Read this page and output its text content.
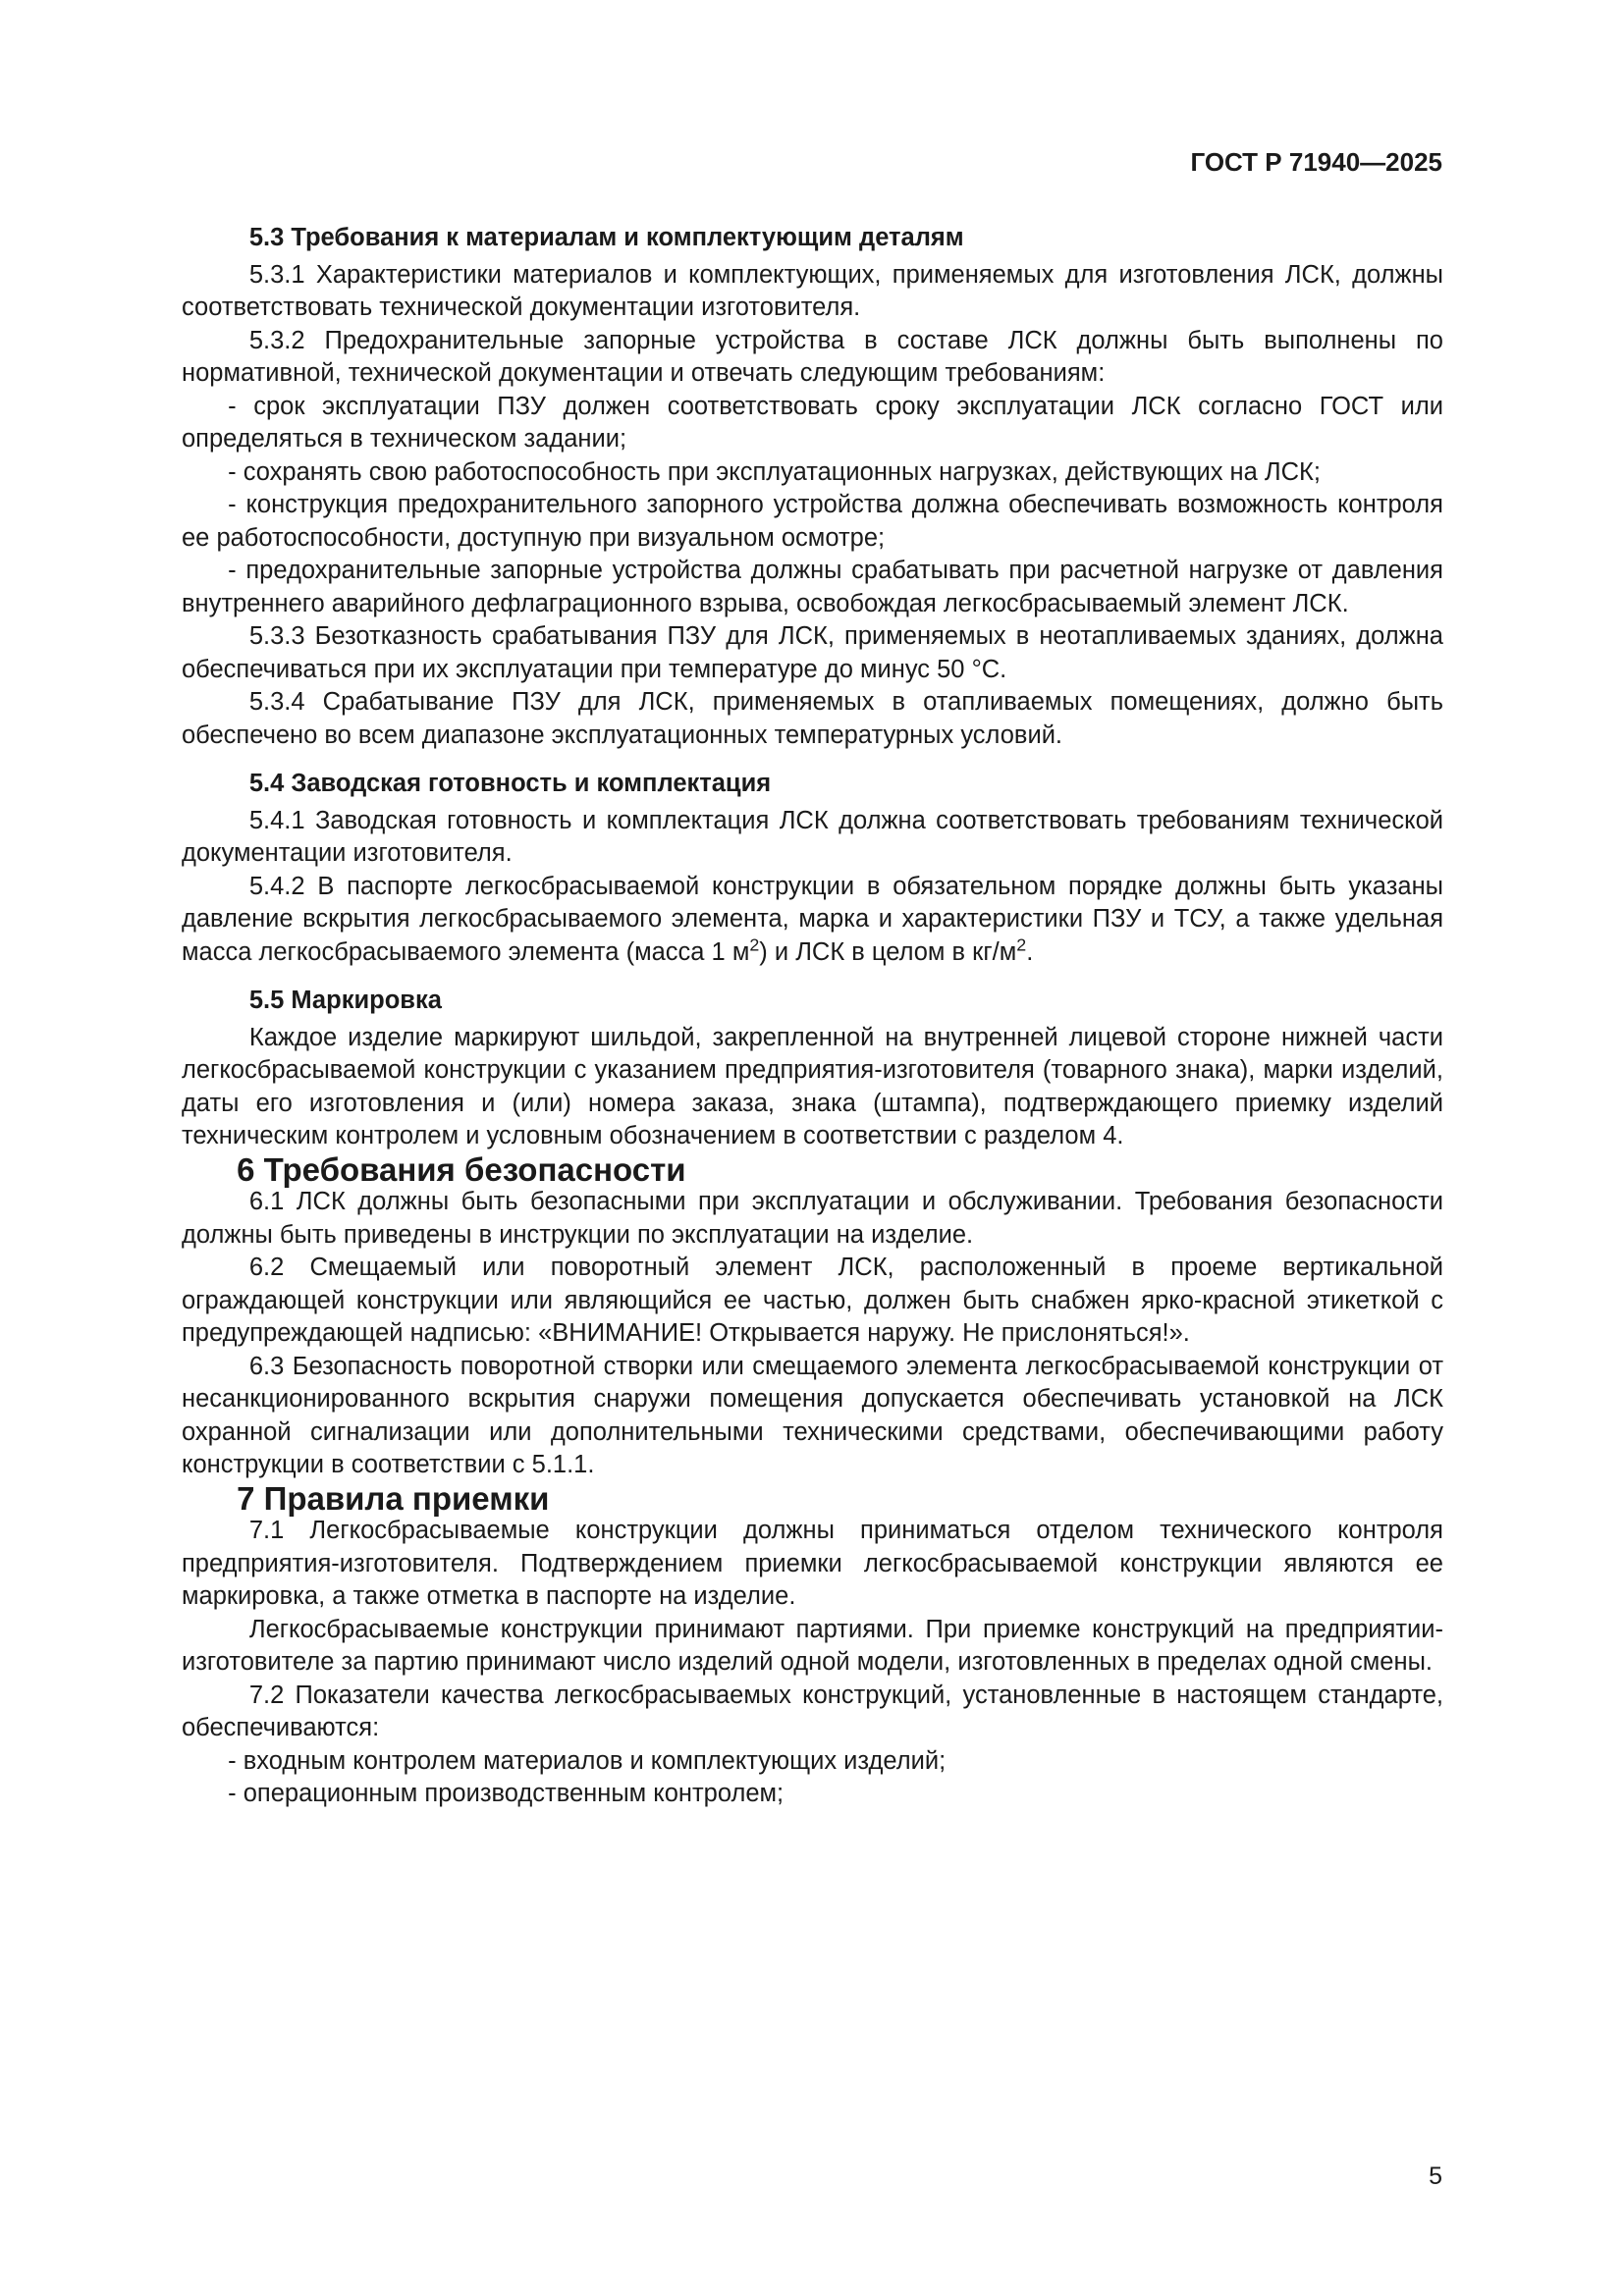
ГОСТ Р 71940—2025

5.3 Требования к материалам и комплектующим деталям

5.3.1 Характеристики материалов и комплектующих, применяемых для изготовления ЛСК, должны соответствовать технической документации изготовителя.

5.3.2 Предохранительные запорные устройства в составе ЛСК должны быть выполнены по нормативной, технической документации и отвечать следующим требованиям:

- срок эксплуатации ПЗУ должен соответствовать сроку эксплуатации ЛСК согласно ГОСТ или определяться в техническом задании;

- сохранять свою работоспособность при эксплуатационных нагрузках, действующих на ЛСК;

- конструкция предохранительного запорного устройства должна обеспечивать возможность контроля ее работоспособности, доступную при визуальном осмотре;

- предохранительные запорные устройства должны срабатывать при расчетной нагрузке от давления внутреннего аварийного дефлаграционного взрыва, освобождая легкосбрасываемый элемент ЛСК.

5.3.3 Безотказность срабатывания ПЗУ для ЛСК, применяемых в неотапливаемых зданиях, должна обеспечиваться при их эксплуатации при температуре до минус 50 °С.

5.3.4 Срабатывание ПЗУ для ЛСК, применяемых в отапливаемых помещениях, должно быть обеспечено во всем диапазоне эксплуатационных температурных условий.

5.4 Заводская готовность и комплектация

5.4.1 Заводская готовность и комплектация ЛСК должна соответствовать требованиям технической документации изготовителя.

5.4.2 В паспорте легкосбрасываемой конструкции в обязательном порядке должны быть указаны давление вскрытия легкосбрасываемого элемента, марка и характеристики ПЗУ и ТСУ, а также удельная масса легкосбрасываемого элемента (масса 1 $м^2$) и ЛСК в целом в $кг/м^2$.

5.5 Маркировка

Каждое изделие маркируют шильдой, закрепленной на внутренней лицевой стороне нижней части легкосбрасываемой конструкции с указанием предприятия-изготовителя (товарного знака), марки изделий, даты его изготовления и (или) номера заказа, знака (штампа), подтверждающего приемку изделий техническим контролем и условным обозначением в соответствии с разделом 4.

6 Требования безопасности

6.1 ЛСК должны быть безопасными при эксплуатации и обслуживании. Требования безопасности должны быть приведены в инструкции по эксплуатации на изделие.

6.2 Смещаемый или поворотный элемент ЛСК, расположенный в проеме вертикальной ограждающей конструкции или являющийся ее частью, должен быть снабжен ярко-красной этикеткой с предупреждающей надписью: «ВНИМАНИЕ! Открывается наружу. Не прислоняться!».

6.3 Безопасность поворотной створки или смещаемого элемента легкосбрасываемой конструкции от несанкционированного вскрытия снаружи помещения допускается обеспечивать установкой на ЛСК охранной сигнализации или дополнительными техническими средствами, обеспечивающими работу конструкции в соответствии с 5.1.1.

7 Правила приемки

7.1 Легкосбрасываемые конструкции должны приниматься отделом технического контроля предприятия-изготовителя. Подтверждением приемки легкосбрасываемой конструкции являются ее маркировка, а также отметка в паспорте на изделие.

Легкосбрасываемые конструкции принимают партиями. При приемке конструкций на предприятии-изготовителе за партию принимают число изделий одной модели, изготовленных в пределах одной смены.

7.2 Показатели качества легкосбрасываемых конструкций, установленные в настоящем стандарте, обеспечиваются:

- входным контролем материалов и комплектующих изделий;

- операционным производственным контролем;

5
